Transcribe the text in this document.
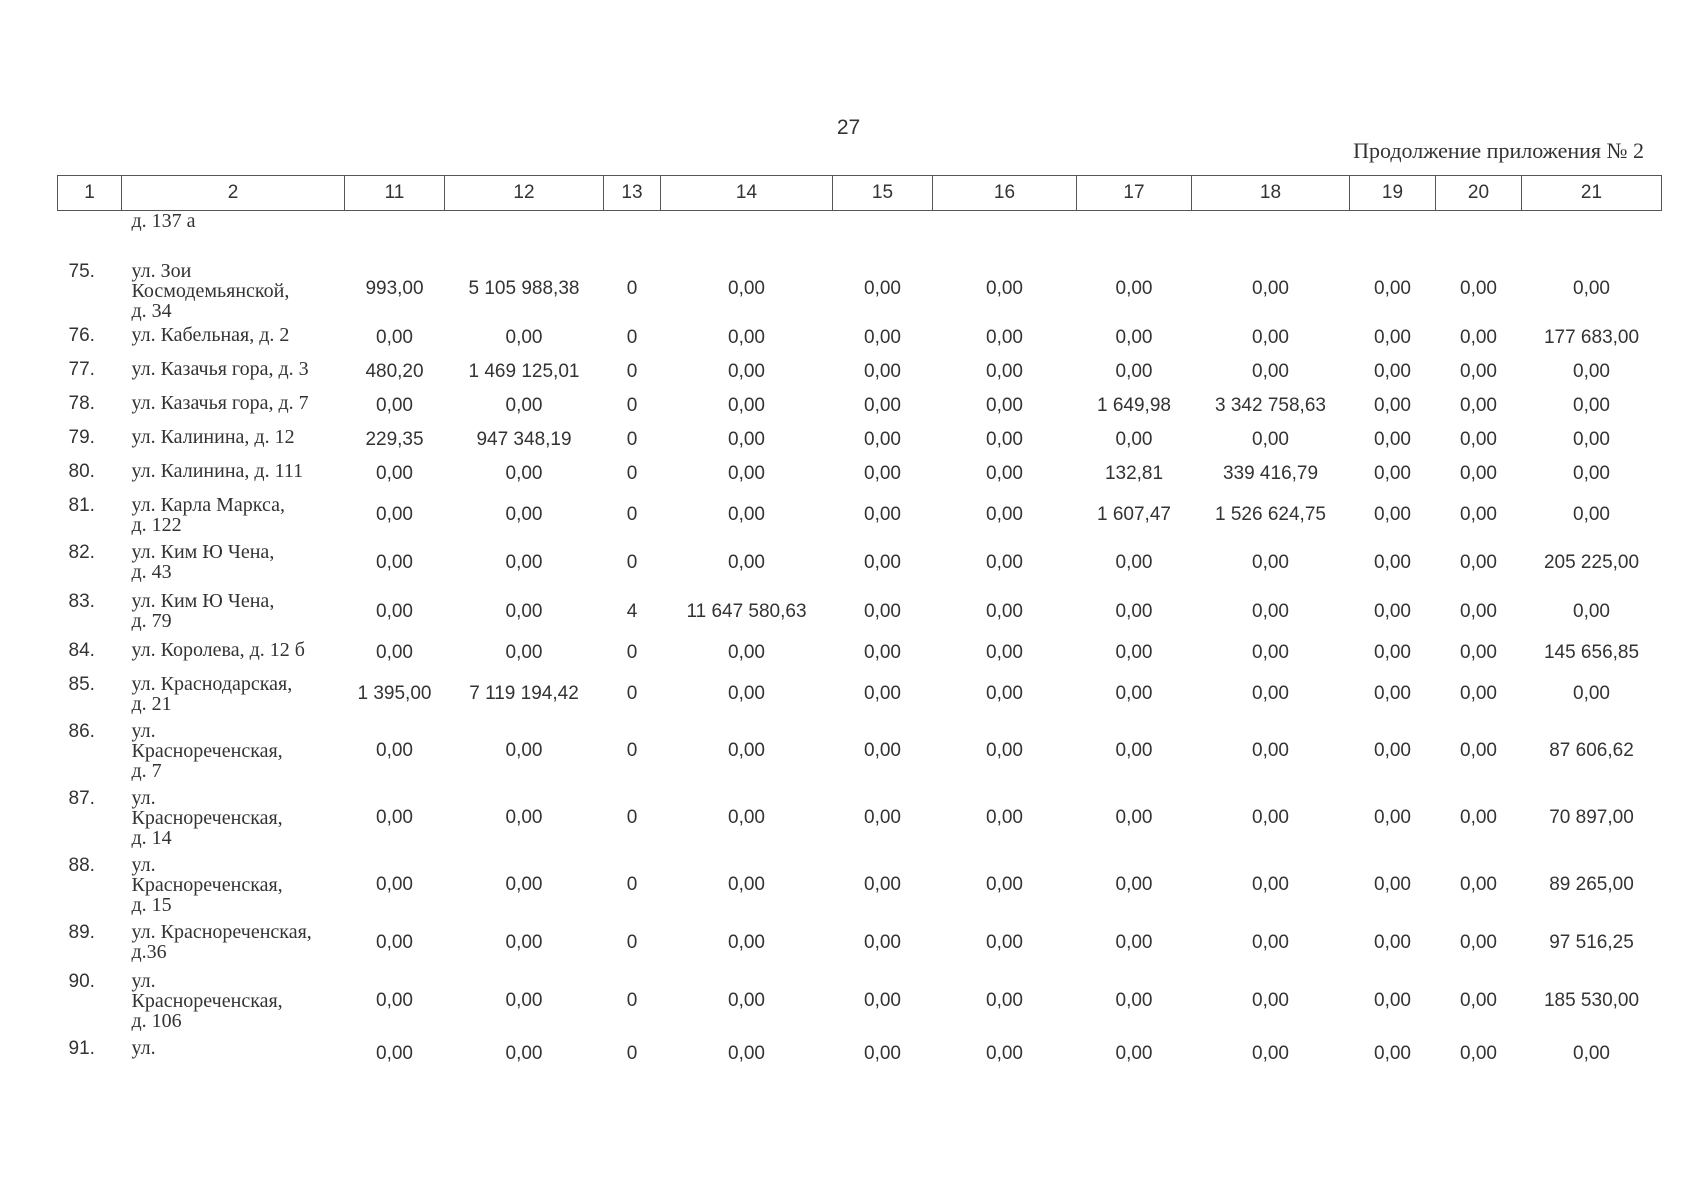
27
Продолжение приложения № 2
1	2	11	12	13	14	15	16	17	18	19	20	21
	д. 137 а											
75.	ул. Зои
Космодемьянской,
д. 34	993,00	5 105 988,38	0	0,00	0,00	0,00	0,00	0,00	0,00	0,00	0,00
76.	ул. Кабельная, д. 2	0,00	0,00	0	0,00	0,00	0,00	0,00	0,00	0,00	0,00	177 683,00
77.	ул. Казачья гора, д. 3	480,20	1 469 125,01	0	0,00	0,00	0,00	0,00	0,00	0,00	0,00	0,00
78.	ул. Казачья гора, д. 7	0,00	0,00	0	0,00	0,00	0,00	1 649,98	3 342 758,63	0,00	0,00	0,00
79.	ул. Калинина, д. 12	229,35	947 348,19	0	0,00	0,00	0,00	0,00	0,00	0,00	0,00	0,00
80.	ул. Калинина, д. 111	0,00	0,00	0	0,00	0,00	0,00	132,81	339 416,79	0,00	0,00	0,00
81.	ул. Карла Маркса,
д. 122	0,00	0,00	0	0,00	0,00	0,00	1 607,47	1 526 624,75	0,00	0,00	0,00
82.	ул. Ким Ю Чена,
д. 43	0,00	0,00	0	0,00	0,00	0,00	0,00	0,00	0,00	0,00	205 225,00
83.	ул. Ким Ю Чена,
д. 79	0,00	0,00	4	11 647 580,63	0,00	0,00	0,00	0,00	0,00	0,00	0,00
84.	ул. Королева, д. 12 б	0,00	0,00	0	0,00	0,00	0,00	0,00	0,00	0,00	0,00	145 656,85
85.	ул. Краснодарская,
д. 21	1 395,00	7 119 194,42	0	0,00	0,00	0,00	0,00	0,00	0,00	0,00	0,00
86.	ул.
Краснореченская,
д. 7	0,00	0,00	0	0,00	0,00	0,00	0,00	0,00	0,00	0,00	87 606,62
87.	ул.
Краснореченская,
д. 14	0,00	0,00	0	0,00	0,00	0,00	0,00	0,00	0,00	0,00	70 897,00
88.	ул.
Краснореченская,
д. 15	0,00	0,00	0	0,00	0,00	0,00	0,00	0,00	0,00	0,00	89 265,00
89.	ул. Краснореченская,
д.36	0,00	0,00	0	0,00	0,00	0,00	0,00	0,00	0,00	0,00	97 516,25
90.	ул.
Краснореченская,
д. 106	0,00	0,00	0	0,00	0,00	0,00	0,00	0,00	0,00	0,00	185 530,00
91.	ул.	0,00	0,00	0	0,00	0,00	0,00	0,00	0,00	0,00	0,00	0,00
